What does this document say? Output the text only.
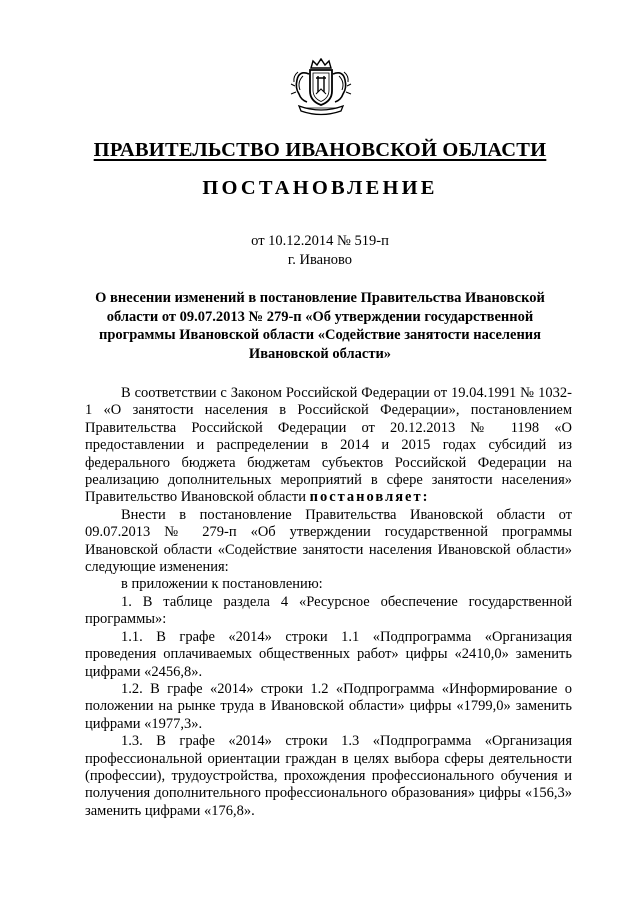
ПРАВИТЕЛЬСТВО ИВАНОВСКОЙ ОБЛАСТИ
ПОСТАНОВЛЕНИЕ
от 10.12.2014 № 519-п
г. Иваново
О внесении изменений в постановление Правительства Ивановской области от 09.07.2013 № 279-п «Об утверждении государственной программы Ивановской области «Содействие занятости населения Ивановской области»

В соответствии с Законом Российской Федерации от 19.04.1991 № 1032-1 «О занятости населения в Российской Федерации», постановлением Правительства Российской Федерации от 20.12.2013 № 1198 «О предоставлении и распределении в 2014 и 2015 годах субсидий из федерального бюджета бюджетам субъектов Российской Федерации на реализацию дополнительных мероприятий в сфере занятости населения» Правительство Ивановской области постановляет:

Внести в постановление Правительства Ивановской области от 09.07.2013 № 279-п «Об утверждении государственной программы Ивановской области «Содействие занятости населения Ивановской области» следующие изменения:

в приложении к постановлению:

1. В таблице раздела 4 «Ресурсное обеспечение государственной программы»:

1.1. В графе «2014» строки 1.1 «Подпрограмма «Организация проведения оплачиваемых общественных работ» цифры «2410,0» заменить цифрами «2456,8».

1.2. В графе «2014» строки 1.2 «Подпрограмма «Информирование о положении на рынке труда в Ивановской области» цифры «1799,0» заменить цифрами «1977,3».

1.3. В графе «2014» строки 1.3 «Подпрограмма «Организация профессиональной ориентации граждан в целях выбора сферы деятельности (профессии), трудоустройства, прохождения профессионального обучения и получения дополнительного профессионального образования» цифры «156,3» заменить цифрами «176,8».
